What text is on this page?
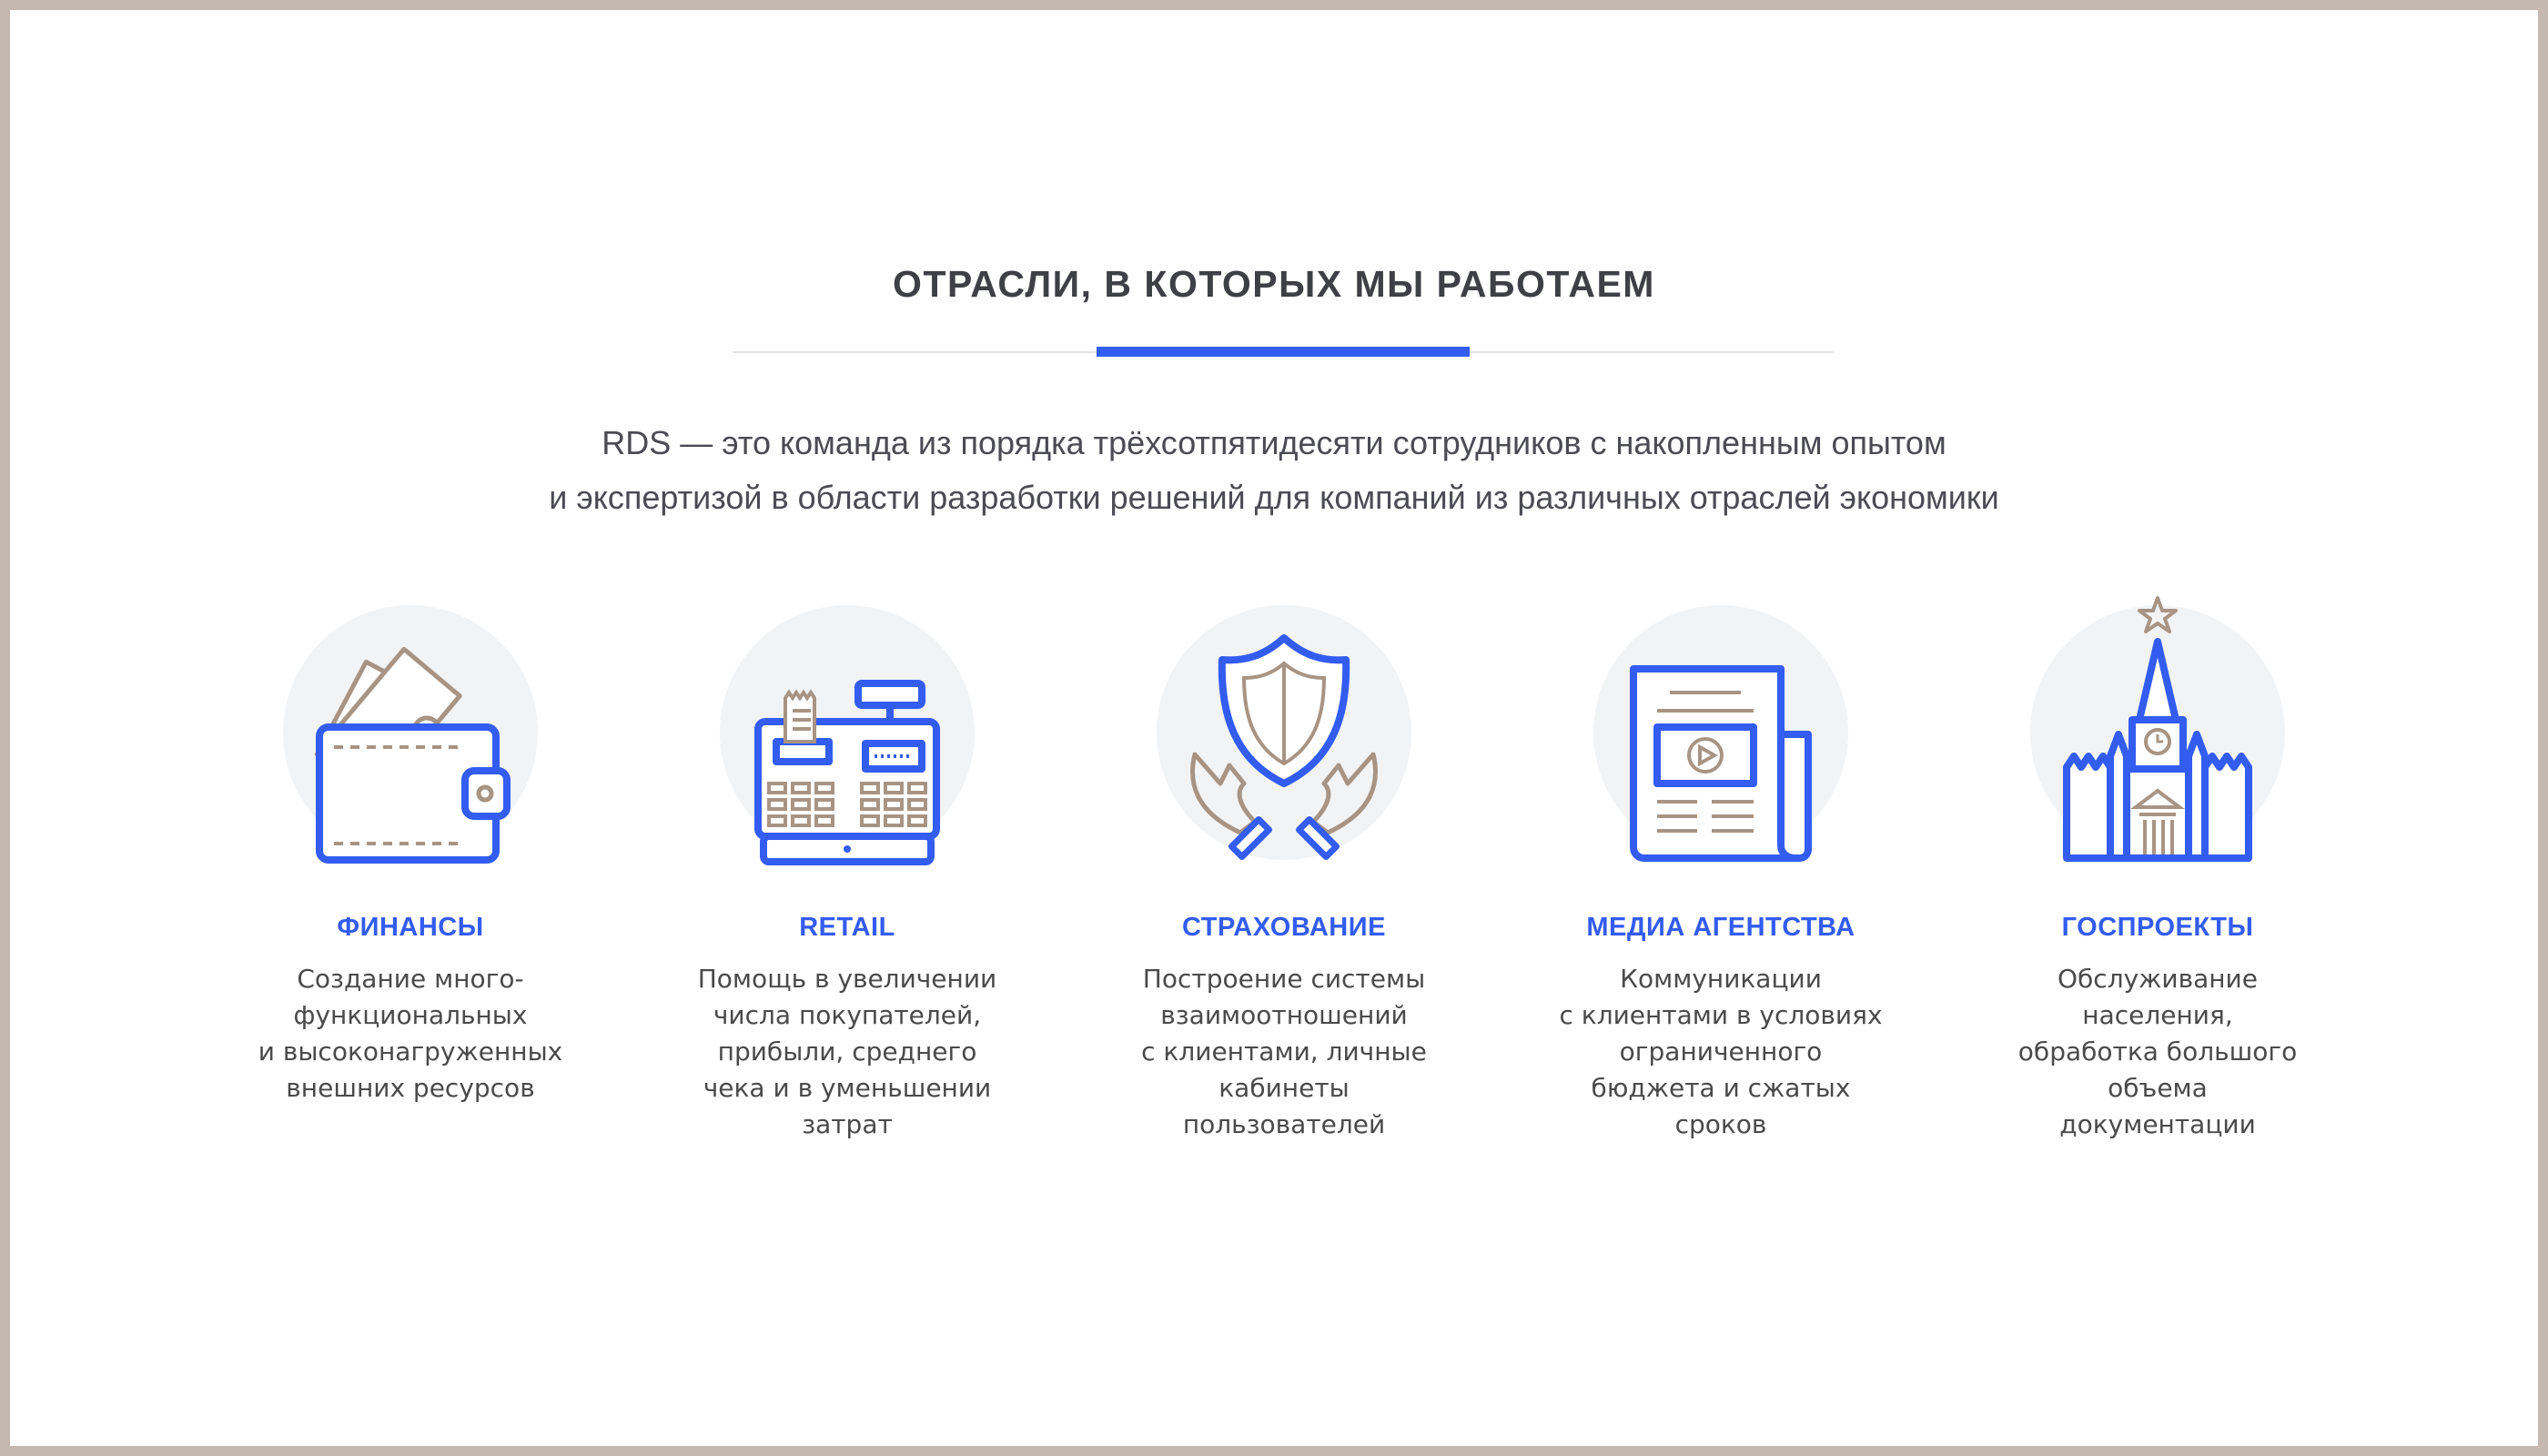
ОТРАСЛИ, В КОТОРЫХ МЫ РАБОТАЕМ
RDS — это команда из порядка трёхсотпятидесяти сотрудников с накопленным опытом
и экспертизой в области разработки решений для компаний из различных отраслей экономики
ФИНАНСЫ
Создание много-
функциональных
и высоконагруженных
внешних ресурсов
RETAIL
Помощь в увеличении
числа покупателей,
прибыли, среднего
чека и в уменьшении
затрат
СТРАХОВАНИЕ
Построение системы
взаимоотношений
с клиентами, личные
кабинеты
пользователей
МЕДИА АГЕНТСТВА
Коммуникации
с клиентами в условиях
ограниченного
бюджета и сжатых
сроков
ГОСПРОЕКТЫ
Обслуживание
населения,
обработка большого
объема
документации
